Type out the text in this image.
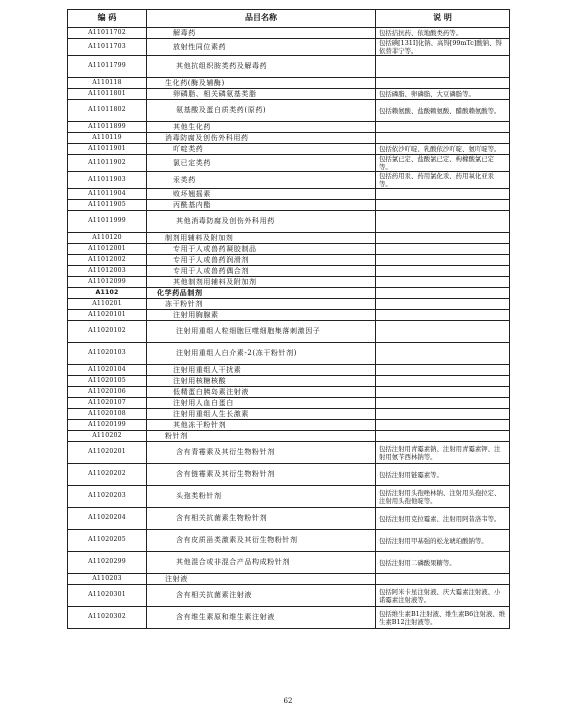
编 码	品目名称	说 明
A11011702	解毒药	包括拮抗药、依地酸类药等。
A11011703	放射性同位素药	包括碘[131I]化钠、高锝[99mTc]酸钠、锝依替菲宁等。
A11011799	其他抗组织胺类药及解毒药	
A110118	生化药(酶及辅酶)	
A11011801	卵磷脂、相关磷氨基类脂	包括磷脂、卵磷脂、大豆磷脂等。
A11011802	氨基酸及蛋白质类药(原药)	包括赖氨酸、盐酸赖氨酸、醋酸赖氨酸等。
A11011899	其他生化药	
A110119	消毒防腐及创伤外科用药	
A11011901	吖啶类药	包括依沙吖啶、乳酸依沙吖啶、氨吖啶等。
A11011902	氯已定类药	包括氯已定、盐酸氯已定、枸橼酸氯已定等。
A11011903	汞类药	包括药用汞、药用氯化汞、药用氧化亚汞等。
A11011904	败坏翘摇素	
A11011905	丙酰基内酯	
A11011999	其他消毒防腐及创伤外科用药	
A110120	制剂用辅料及附加剂	
A11012001	专用于人或兽药凝胶制品	
A11012002	专用于人或兽药润滑剂	
A11012003	专用于人或兽药偶合剂	
A11012099	其他制剂用辅料及附加剂	
A1102	化学药品制剂	
A110201	冻干粉针剂	
A11020101	注射用胸腺素	
A11020102	注射用重组人粒细胞巨噬细胞集落刺激因子	
A11020103	注射用重组人白介素-2(冻干粉针剂)	
A11020104	注射用重组人干扰素	
A11020105	注射用核糖核酸	
A11020106	低精蛋白胰岛素注射液	
A11020107	注射用人血白蛋白	
A11020108	注射用重组人生长激素	
A11020199	其他冻干粉针剂	
A110202	粉针剂	
A11020201	含有青霉素及其衍生物粉针剂	包括注射用青霉素钠、注射用青霉素钾、注射用氨苄西林钠等。
A11020202	含有链霉素及其衍生物粉针剂	包括注射用链霉素等。
A11020203	头孢类粉针剂	包括注射用头孢唑林钠、注射用头孢拉定、注射用头孢他啶等。
A11020204	含有相关抗菌素生物粉针剂	包括注射用克拉霉素、注射用阿昔洛韦等。
A11020205	含有皮质甾类激素及其衍生物粉针剂	包括注射用甲基强的松龙琥珀酸钠等。
A11020299	其他混合或非混合产品构成粉针剂	包括注射用二磷酸果糖等。
A110203	注射液	
A11020301	含有相关抗菌素注射液	包括阿米卡星注射液、庆大霉素注射液、小诺霉素注射液等。
A11020302	含有维生素原和维生素注射液	包括维生素B1注射液、维生素B6注射液、维生素B12注射液等。
62
